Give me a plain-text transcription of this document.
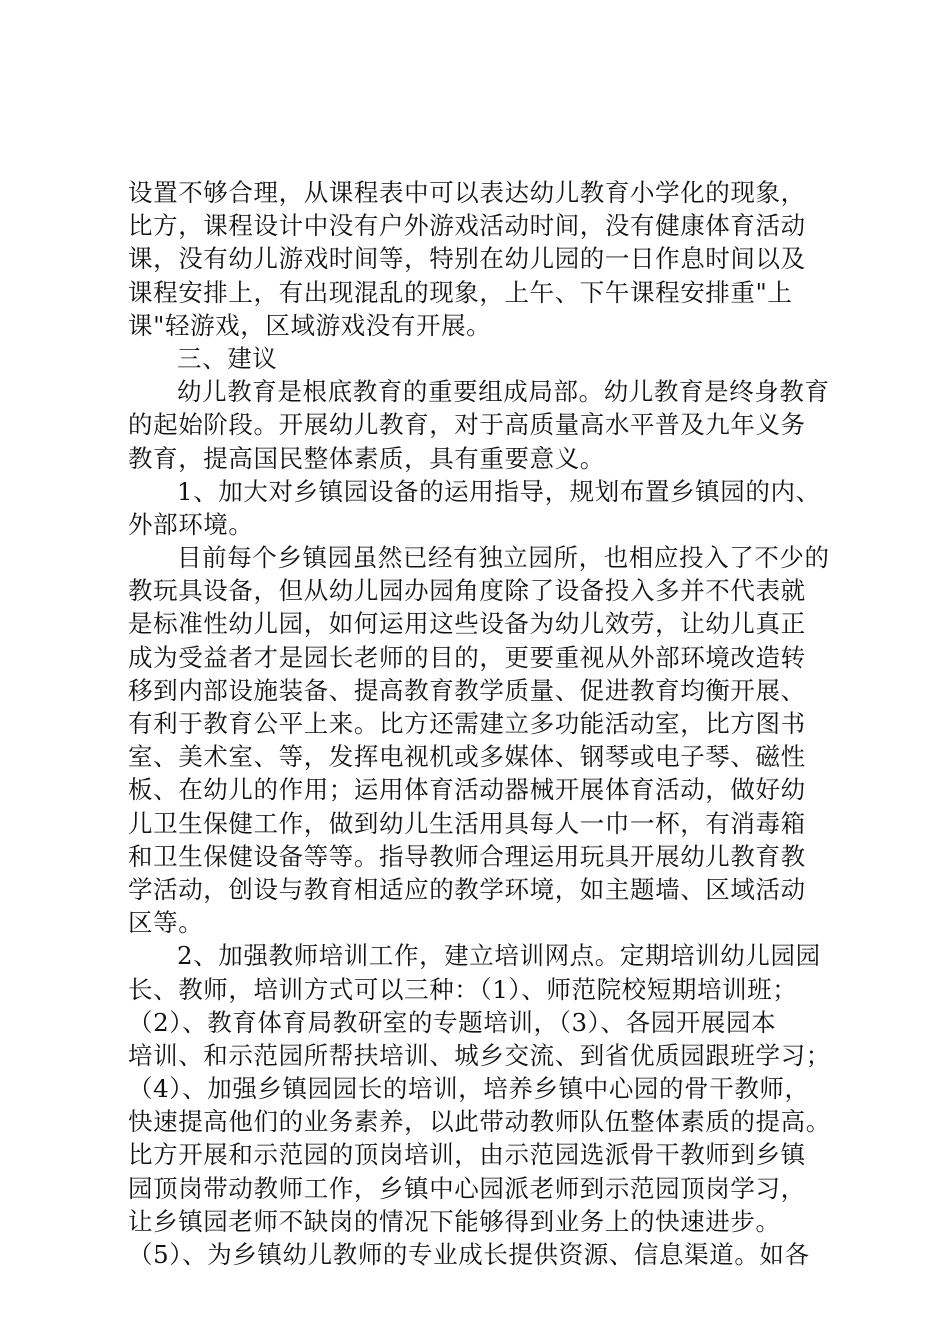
设置不够合理，从课程表中可以表达幼儿教育小学化的现象，
比方，课程设计中没有户外游戏活动时间，没有健康体育活动
课，没有幼儿游戏时间等，特别在幼儿园的一日作息时间以及
课程安排上，有出现混乱的现象，上午、下午课程安排重"上
课"轻游戏，区域游戏没有开展。
三、建议
幼儿教育是根底教育的重要组成局部。幼儿教育是终身教育
的起始阶段。开展幼儿教育，对于高质量高水平普及九年义务
教育，提高国民整体素质，具有重要意义。
1、加大对乡镇园设备的运用指导，规划布置乡镇园的内、
外部环境。
目前每个乡镇园虽然已经有独立园所，也相应投入了不少的
教玩具设备，但从幼儿园办园角度除了设备投入多并不代表就
是标准性幼儿园，如何运用这些设备为幼儿效劳，让幼儿真正
成为受益者才是园长老师的目的，更要重视从外部环境改造转
移到内部设施装备、提高教育教学质量、促进教育均衡开展、
有利于教育公平上来。比方还需建立多功能活动室，比方图书
室、美术室、等，发挥电视机或多媒体、钢琴或电子琴、磁性
板、在幼儿的作用；运用体育活动器械开展体育活动，做好幼
儿卫生保健工作，做到幼儿生活用具每人一巾一杯，有消毒箱
和卫生保健设备等等。指导教师合理运用玩具开展幼儿教育教
学活动，创设与教育相适应的教学环境，如主题墙、区域活动
区等。
2、加强教师培训工作，建立培训网点。定期培训幼儿园园
长、教师，培训方式可以三种：（1）、师范院校短期培训班；
（2）、教育体育局教研室的专题培训，（3）、各园开展园本
培训、和示范园所帮扶培训、城乡交流、到省优质园跟班学习；
（4）、加强乡镇园园长的培训，培养乡镇中心园的骨干教师，
快速提高他们的业务素养，以此带动教师队伍整体素质的提高。
比方开展和示范园的顶岗培训，由示范园选派骨干教师到乡镇
园顶岗带动教师工作，乡镇中心园派老师到示范园顶岗学习，
让乡镇园老师不缺岗的情况下能够得到业务上的快速进步。
（5）、为乡镇幼儿教师的专业成长提供资源、信息渠道。如各
